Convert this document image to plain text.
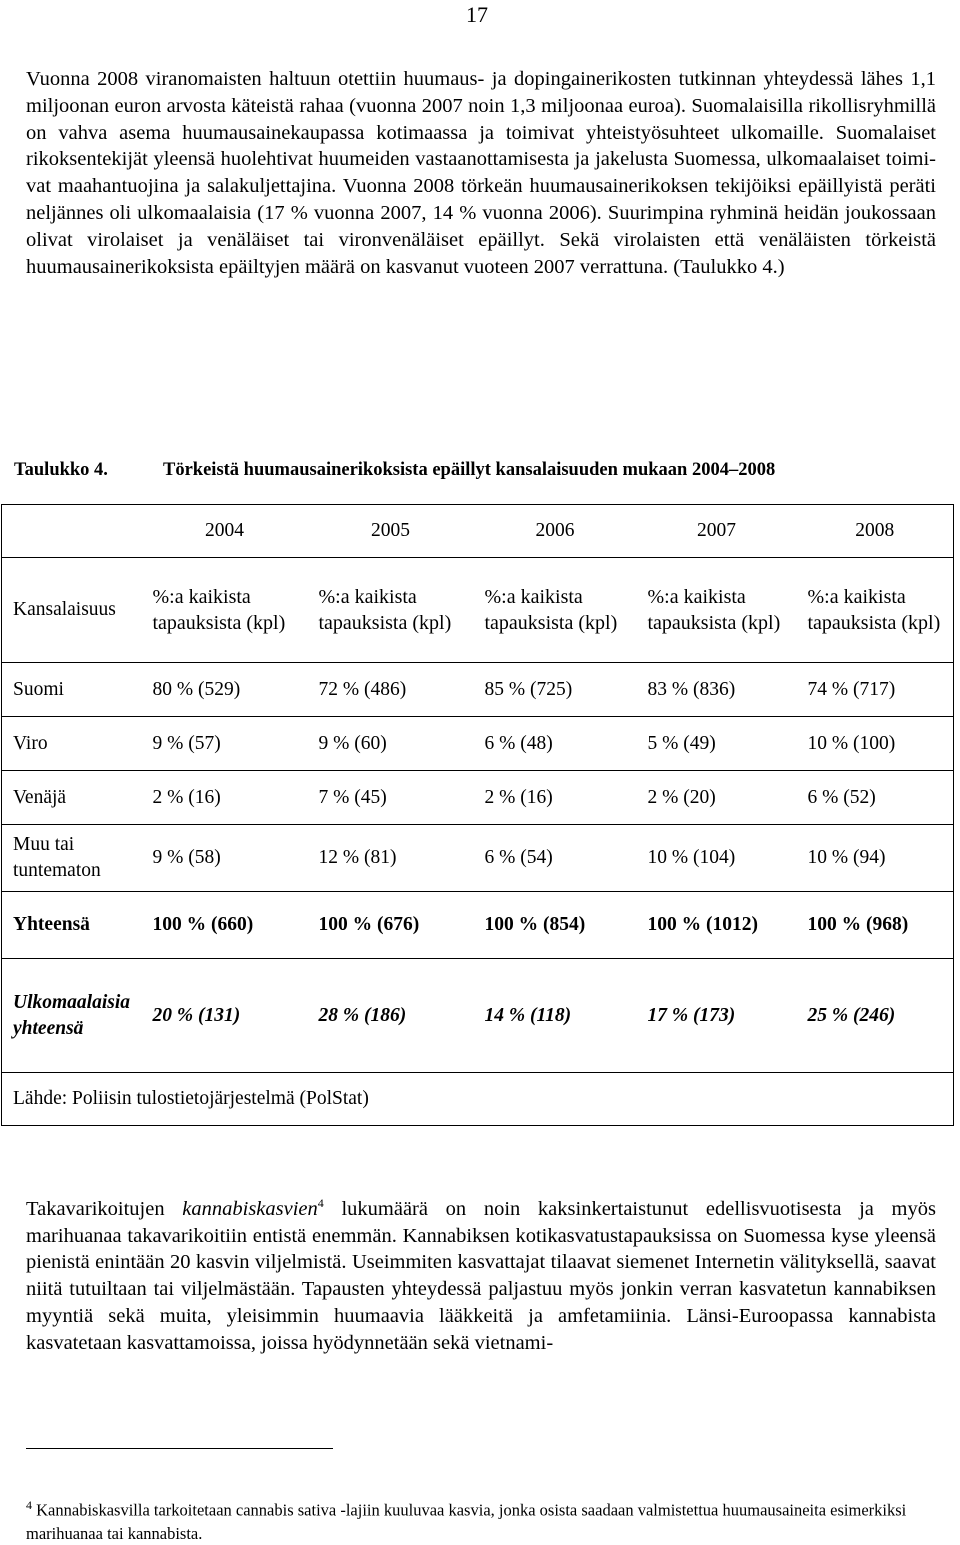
17

Vuonna 2008 viranomaisten haltuun otettiin huumaus- ja dopingainerikosten tutkinnan yhteydessä lähes 1,1 miljoonan euron arvosta käteistä rahaa (vuonna 2007 noin 1,3 miljoonaa euroa). Suomalaisilla rikollisryhmillä on vahva asema huumausainekaupassa kotimaassa ja toimivat yhteistyösuhteet ulkomaille. Suomalaiset rikoksentekijät yleensä huolehtivat huumeiden vastaanottamisesta ja jakelusta Suomessa, ulkomaalaiset toimivat maahantuojina ja salakuljettajina. Vuonna 2008 törkeän huumausainerikoksen tekijöiksi epäillyistä peräti neljännes oli ulkomaalaisia (17 % vuonna 2007, 14 % vuonna 2006). Suurimpina ryhminä heidän joukossaan olivat virolaiset ja venäläiset tai vironvenäläiset epäillyt. Sekä virolaisten että venäläisten törkeistä huumausainerikoksista epäiltyjen määrä on kasvanut vuoteen 2007 verrattuna. (Taulukko 4.)

Taulukko 4.	Törkeistä huumausainerikoksista epäillyt kansalaisuuden mukaan 2004–2008
	2004	2005	2006	2007	2008
Kansalaisuus	%:a kaikista tapauksista (kpl)	%:a kaikista tapauksista (kpl)	%:a kaikista tapauksista (kpl)	%:a kaikista tapauksista (kpl)	%:a kaikista tapauksista (kpl)
Suomi	80 % (529)	72 % (486)	85 % (725)	83 % (836)	74 % (717)
Viro	9 % (57)	9 % (60)	6 % (48)	5 % (49)	10 % (100)
Venäjä	2 % (16)	7 % (45)	2 % (16)	2 % (20)	6 % (52)
Muu tai tuntematon	9 % (58)	12 % (81)	6 % (54)	10 % (104)	10 % (94)
Yhteensä	100 % (660)	100 % (676)	100 % (854)	100 % (1012)	100 % (968)
Ulkomaalaisia yhteensä	20 % (131)	28 % (186)	14 % (118)	17 % (173)	25 % (246)
Lähde: Poliisin tulostietojärjestelmä (PolStat)					

Takavarikoitujen kannabiskasvien$^4$ lukumäärä on noin kaksinkertaistunut edellisvuotisesta ja myös marihuanaa takavarikoitiin entistä enemmän. Kannabiksen kotikasvatustapauksissa on Suomessa kyse yleensä pienistä enintään 20 kasvin viljelmistä. Useimmiten kasvattajat tilaavat siemenet Internetin välityksellä, saavat niitä tutuiltaan tai viljelmästään. Tapausten yhteydessä paljastuu myös jonkin verran kasvatetun kannabiksen myyntiä sekä muita, yleisimmin huumaavia lääkkeitä ja amfetamiinia. Länsi-Euroopassa kannabista kasvatetaan kasvattamoissa, joissa hyödynnetään sekä vietnami-

$^4$ Kannabiskasvilla tarkoitetaan cannabis sativa -lajiin kuuluvaa kasvia, jonka osista saadaan valmistettua huumausaineita esimerkiksi marihuanaa tai kannabista.
